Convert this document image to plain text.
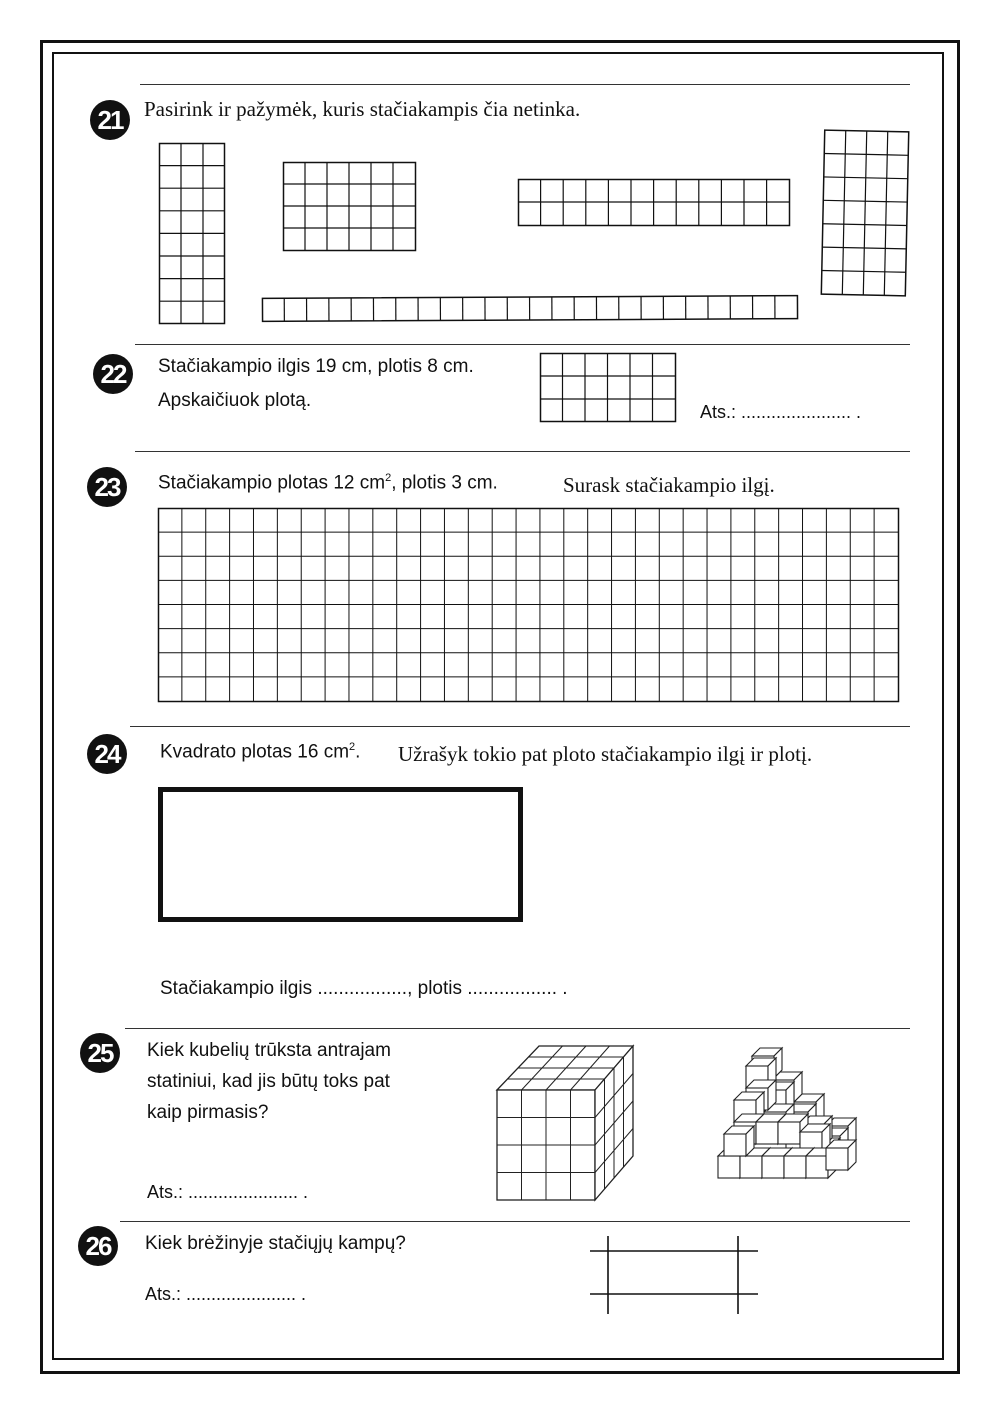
21	Pasirink ir pažymėk, kuris stačiakampis čia netinka.
22	Stačiakampio ilgis 19 cm, plotis 8 cm.
Apskaičiuok plotą.
Ats.: ...................... .
23	Stačiakampio plotas 12 $cm^2$, plotis 3 cm.	Surask stačiakampio ilgį.
24	Kvadrato plotas 16 $cm^2$. Užrašyk tokio pat ploto stačiakampio ilgį ir plotį.
Stačiakampio ilgis ................., plotis ................. .
25	Kiek kubelių trūksta antrajam
statiniui, kad jis būtų toks pat
kaip pirmasis?
Ats.: ...................... .
26	Kiek brėžinyje stačiųjų kampų?
Ats.: ...................... .
